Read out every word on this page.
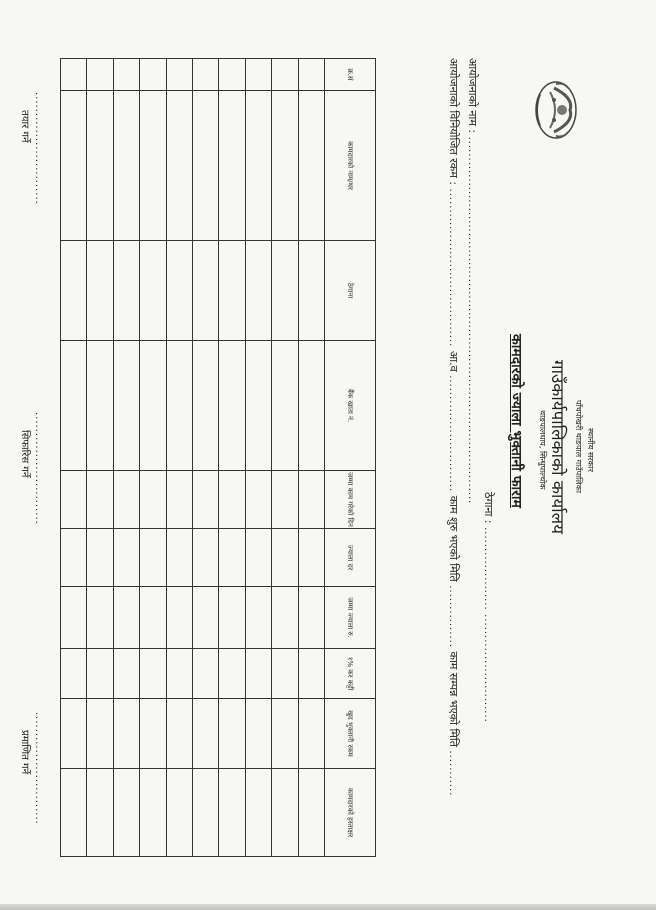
स्थानीय सरकार
पाँचपोखरी थाङपाल गाउँपालिका
गाउँकार्यपालिकाको कार्यालय
थाङपालधाप, सिन्धुपाल्चोक
कामदारको ज्याला भुक्तानी फाराम
ठेगाना : .................... ..........................
आयोजनाको नाम : ........................................................................................
आयोजनाको विनियोजित रकम : ...................................... आ.व ............................ काम शुरु भएको मिति ............... काम सम्पन्न भएको मिति ...........
क्र.सं	कामदारको नाम/थर	ठेगाना	बैंक खाता नं.	जम्मा काम गरेको दिन	ज्याला दर	जम्मा ज्याला रु.	१% कर कट्टी	खुद भुक्तानी रकम	कामदारको हस्ताक्षर

...........................
तयार गर्ने
...........................
सिफारिस गर्ने
...........................
प्रमाणित गर्ने
